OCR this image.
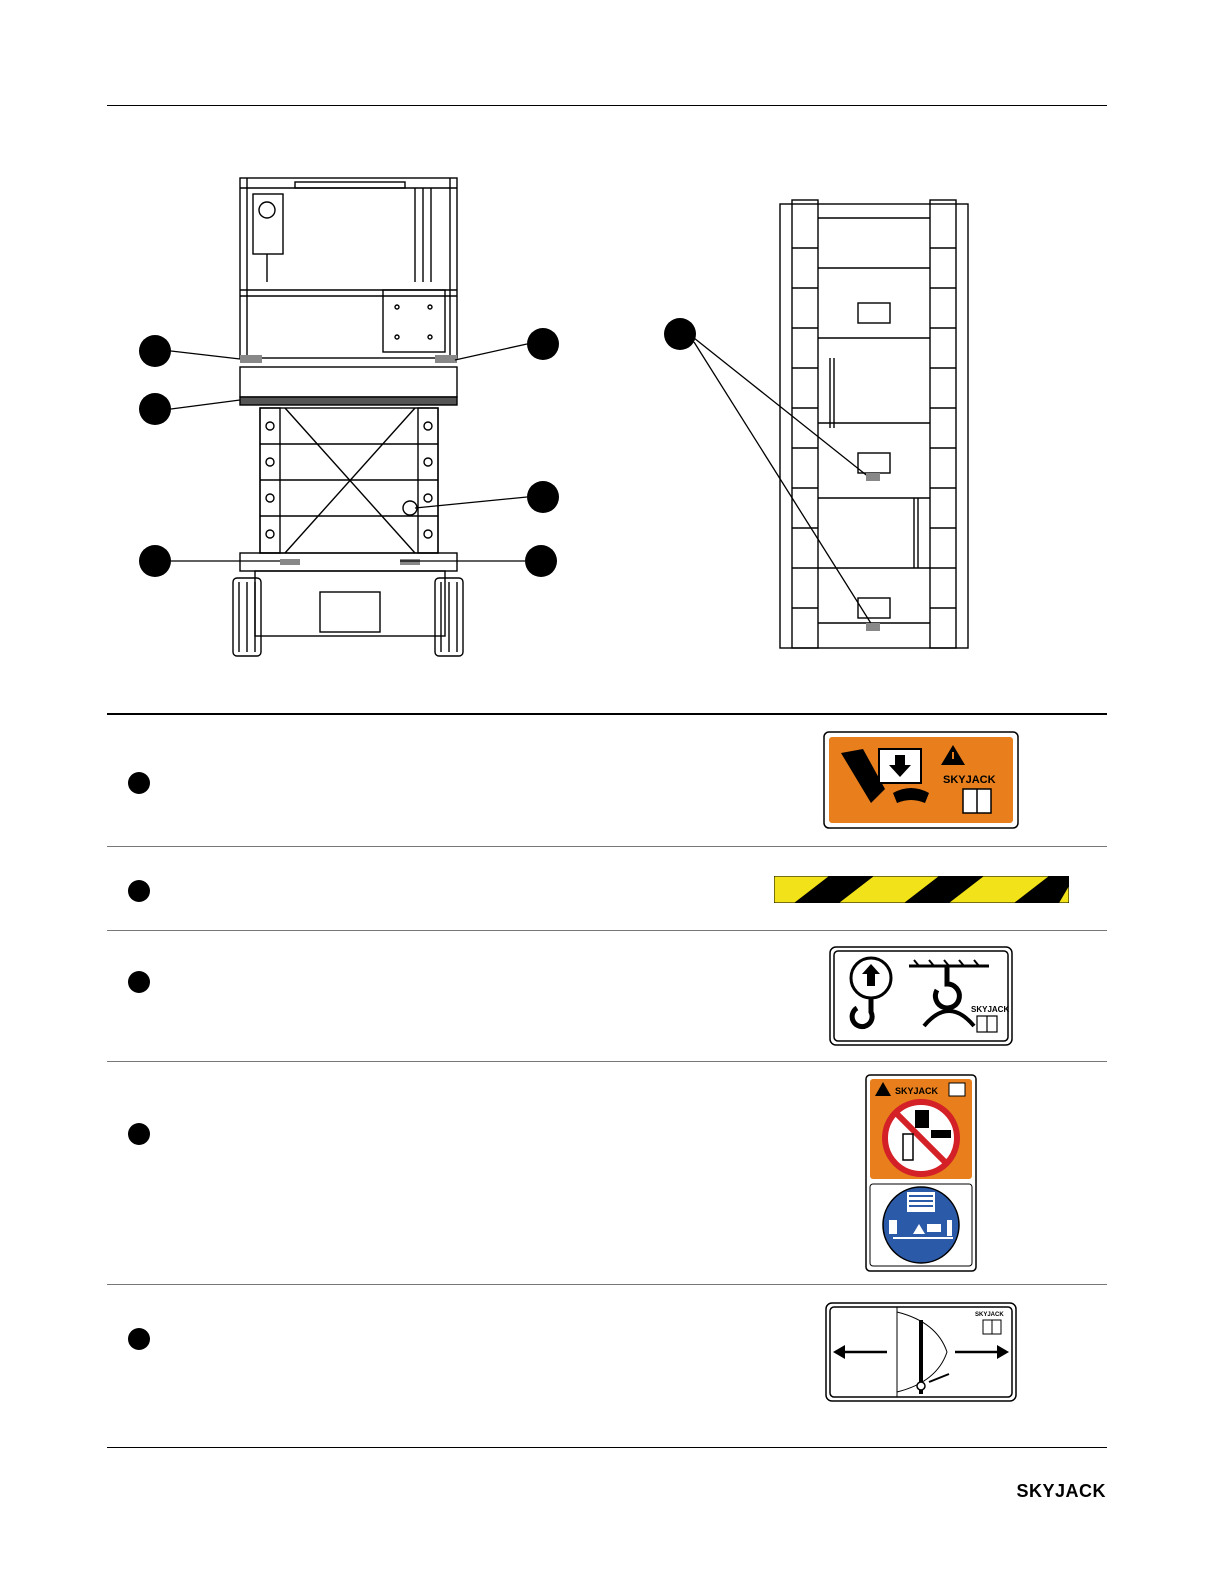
SKYJACK
SKYJACK
SKYJACK
SKYJACK
SKYJACK
